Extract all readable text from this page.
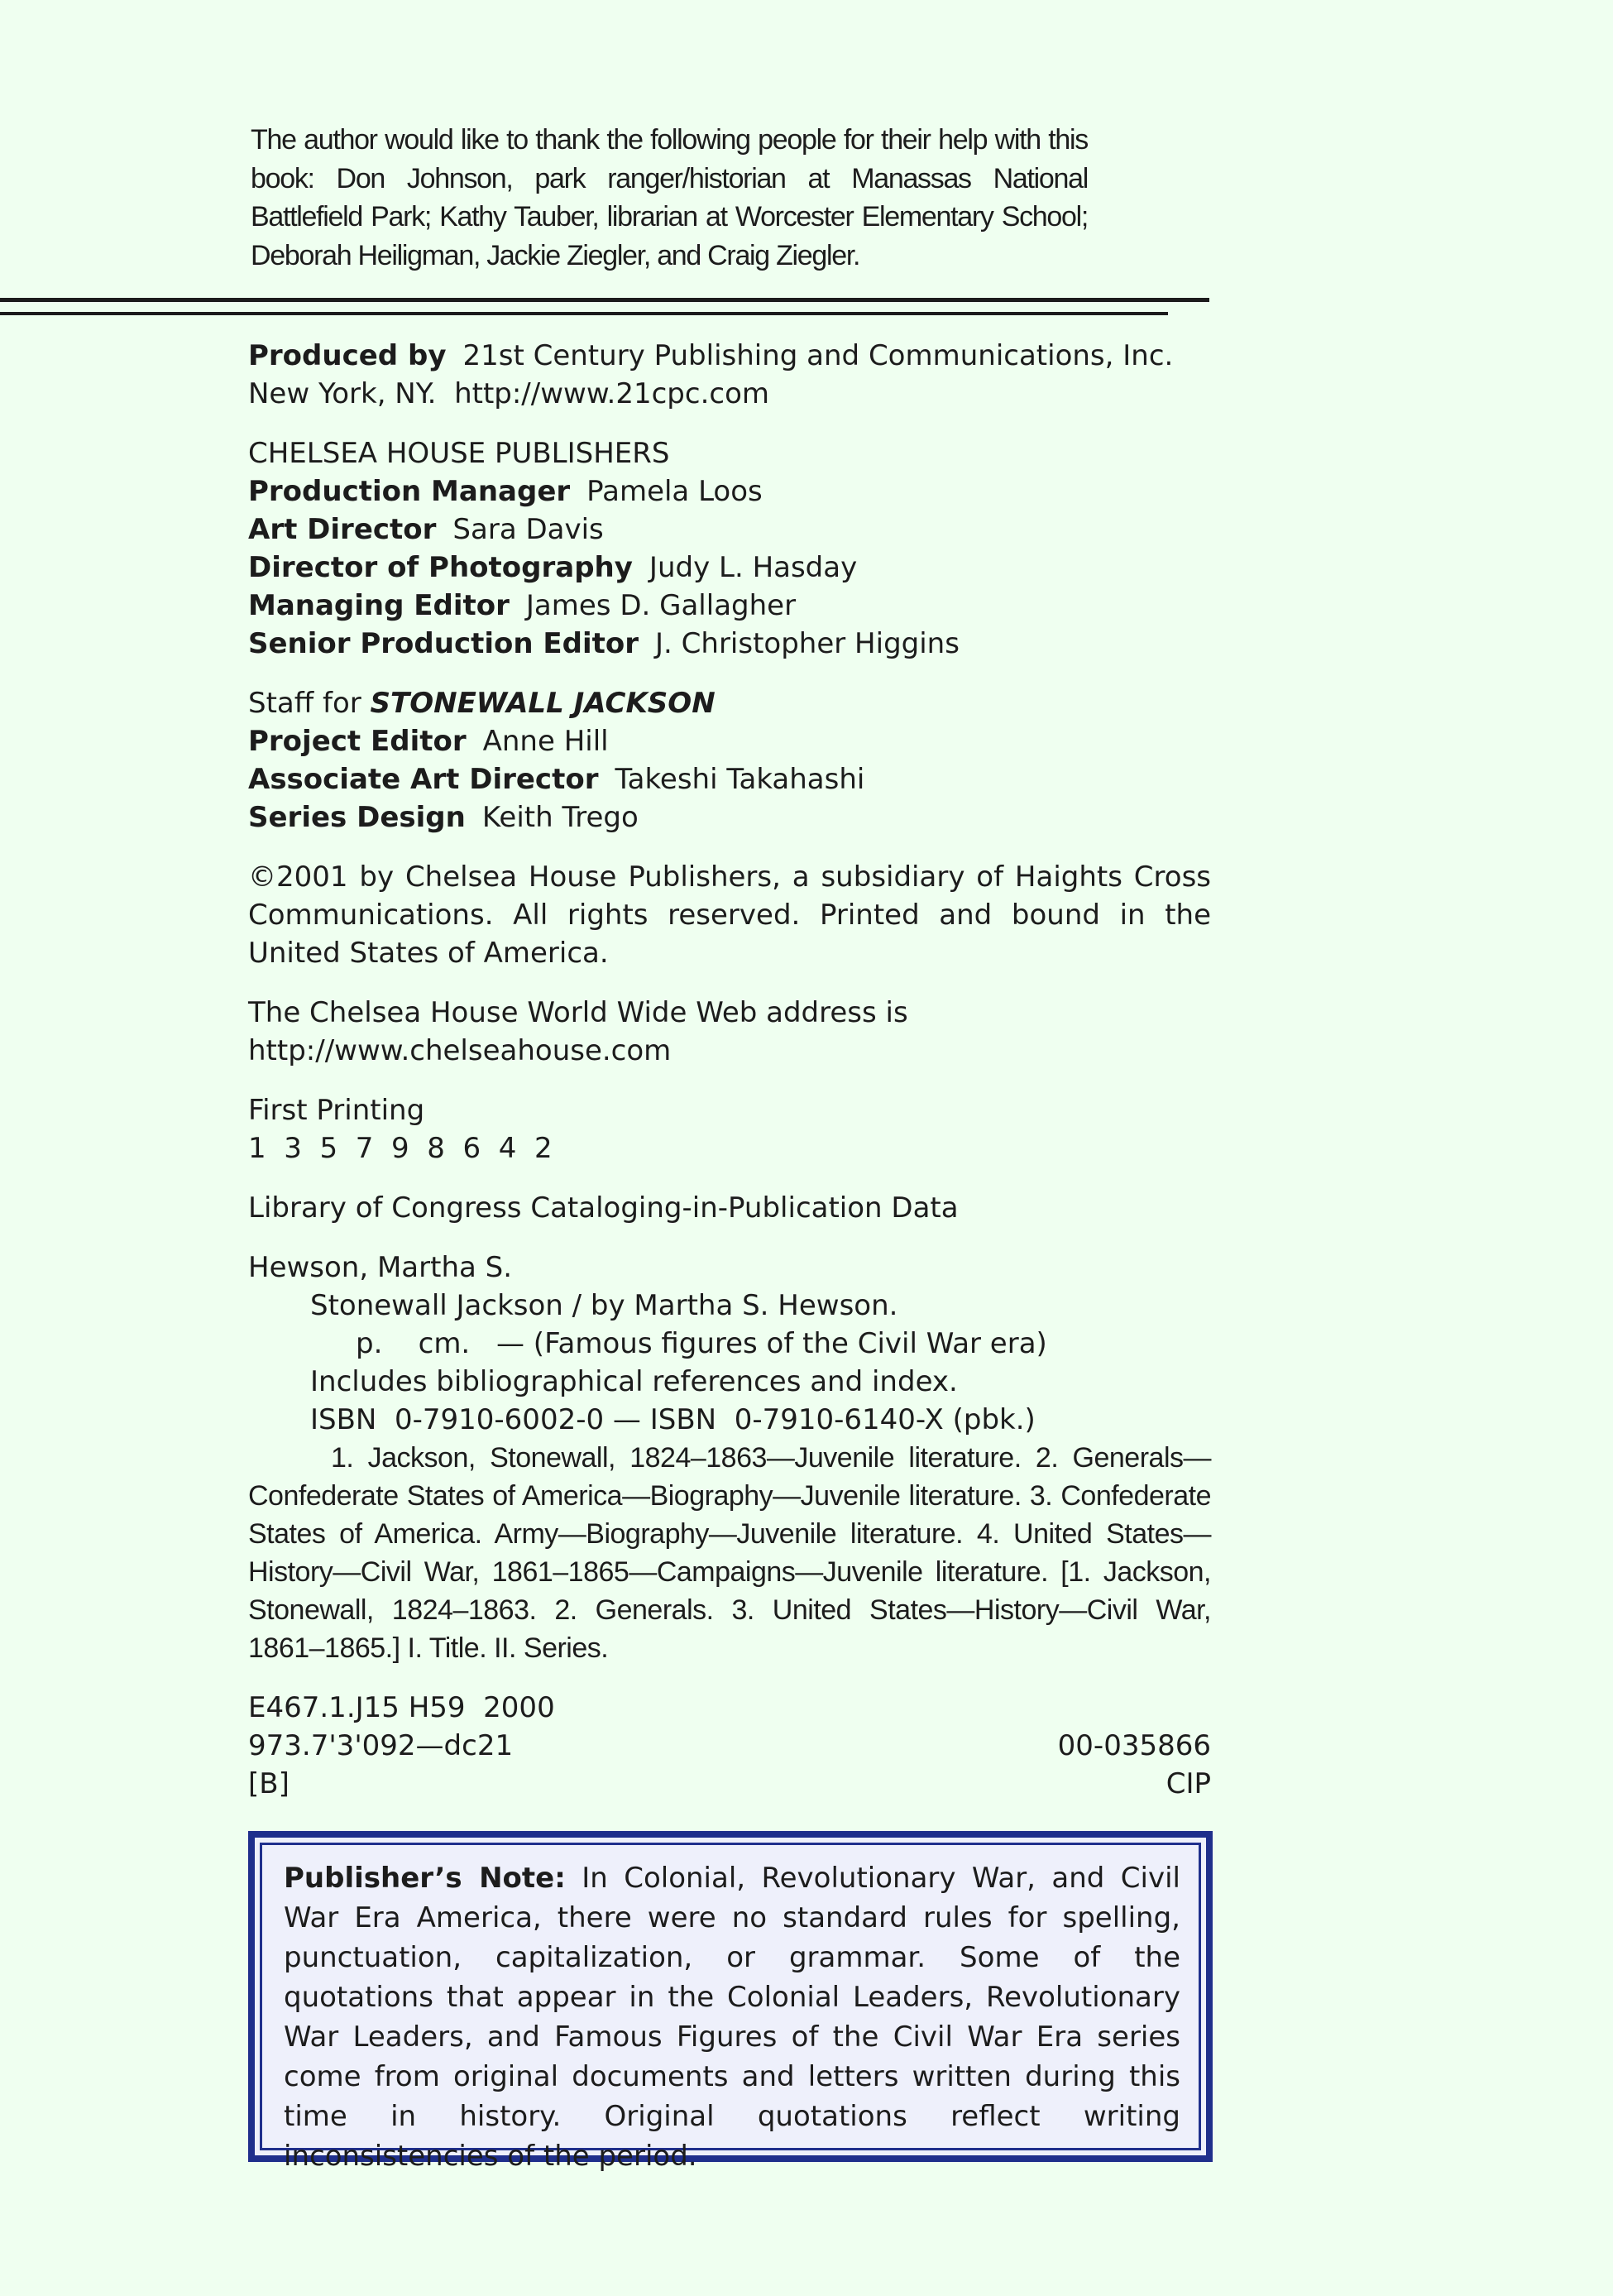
The author would like to thank the following people for their help with this book: Don Johnson, park ranger/historian at Manassas National Battlefield Park; Kathy Tauber, librarian at Worcester Elementary School; Deborah Heiligman, Jackie Ziegler, and Craig Ziegler.
Produced by 21st Century Publishing and Communications, Inc.
New York, NY. http://www.21cpc.com
CHELSEA HOUSE PUBLISHERS
Production Manager Pamela Loos
Art Director Sara Davis
Director of Photography Judy L. Hasday
Managing Editor James D. Gallagher
Senior Production Editor J. Christopher Higgins
Staff for STONEWALL JACKSON
Project Editor Anne Hill
Associate Art Director Takeshi Takahashi
Series Design Keith Trego
©2001 by Chelsea House Publishers, a subsidiary of Haights Cross Communications. All rights reserved. Printed and bound in the United States of America.
The Chelsea House World Wide Web address is
http://www.chelseahouse.com
First Printing
1  3  5  7  9  8  6  4  2
Library of Congress Cataloging-in-Publication Data
Hewson, Martha S.
Stonewall Jackson / by Martha S. Hewson.
p.    cm. — (Famous figures of the Civil War era)
Includes bibliographical references and index.
ISBN  0-7910-6002-0 — ISBN  0-7910-6140-X (pbk.)
1. Jackson, Stonewall, 1824–1863—Juvenile literature. 2. Generals—Confederate States of America—Biography—Juvenile literature. 3. Confederate States of America. Army—Biography—Juvenile literature. 4. United States—History—Civil War, 1861–1865—Campaigns—Juvenile literature. [1. Jackson, Stonewall, 1824–1863. 2. Generals. 3. United States—History—Civil War, 1861–1865.] I. Title. II. Series.
E467.1.J15 H59  2000
973.7'3'092—dc21	00-035866
[B]	CIP
Publisher’s Note: In Colonial, Revolutionary War, and Civil War Era America, there were no standard rules for spelling, punctuation, capitalization, or grammar. Some of the quotations that appear in the Colonial Leaders, Revolutionary War Leaders, and Famous Figures of the Civil War Era series come from original documents and letters written during this time in history. Original quotations reflect writing inconsistencies of the period.
